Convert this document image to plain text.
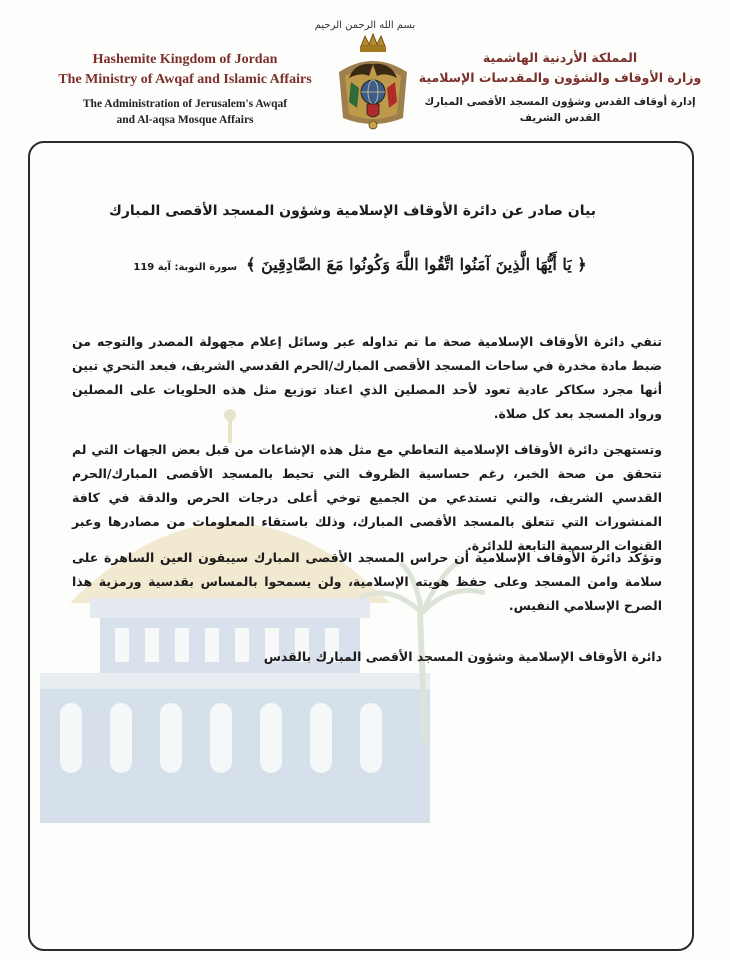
بسم الله الرحمن الرحيم
Hashemite Kingdom of Jordan
The Ministry of Awqaf and Islamic Affairs
The Administration of Jerusalem's Awqaf
and Al-aqsa Mosque Affairs
المملكة الأردنية الهاشمية
وزارة الأوقاف والشؤون والمقدسات الإسلامية
إدارة أوقاف القدس وشؤون المسجد الأقصى المبارك
القدس الشريف
بيان صادر عن دائرة الأوقاف الإسلامية وشؤون المسجد الأقصى المبارك
﴿ يَا أَيُّهَا الَّذِينَ آمَنُوا اتَّقُوا اللَّهَ وَكُونُوا مَعَ الصَّادِقِينَ ﴾ سورة التوبة: آية 119

تنفي دائرة الأوقاف الإسلامية صحة ما تم تداوله عبر وسائل إعلام مجهولة المصدر والتوجه من ضبط مادة مخدرة في ساحات المسجد الأقصى المبارك/الحرم القدسي الشريف، فبعد التحري تبين أنها مجرد سكاكر عادية تعود لأحد المصلين الذي اعتاد توزيع مثل هذه الحلويات على المصلين ورواد المسجد بعد كل صلاة.

وتستهجن دائرة الأوقاف الإسلامية التعاطي مع مثل هذه الإشاعات من قبل بعض الجهات التي لم تتحقق من صحة الخبر، رغم حساسية الظروف التي تحيط بالمسجد الأقصى المبارك/الحرم القدسي الشريف، والتي تستدعي من الجميع توخي أعلى درجات الحرص والدقة في كافة المنشورات التي تتعلق بالمسجد الأقصى المبارك، وذلك باستقاء المعلومات من مصادرها وعبر القنوات الرسمية التابعة للدائرة.

وتؤكد دائرة الأوقاف الإسلامية أن حراس المسجد الأقصى المبارك سيبقون العين الساهرة على سلامة وامن المسجد وعلى حفظ هويته الإسلامية، ولن يسمحوا بالمساس بقدسية ورمزية هذا الصرح الإسلامي النفيس.

دائرة الأوقاف الإسلامية وشؤون المسجد الأقصى المبارك بالقدس
